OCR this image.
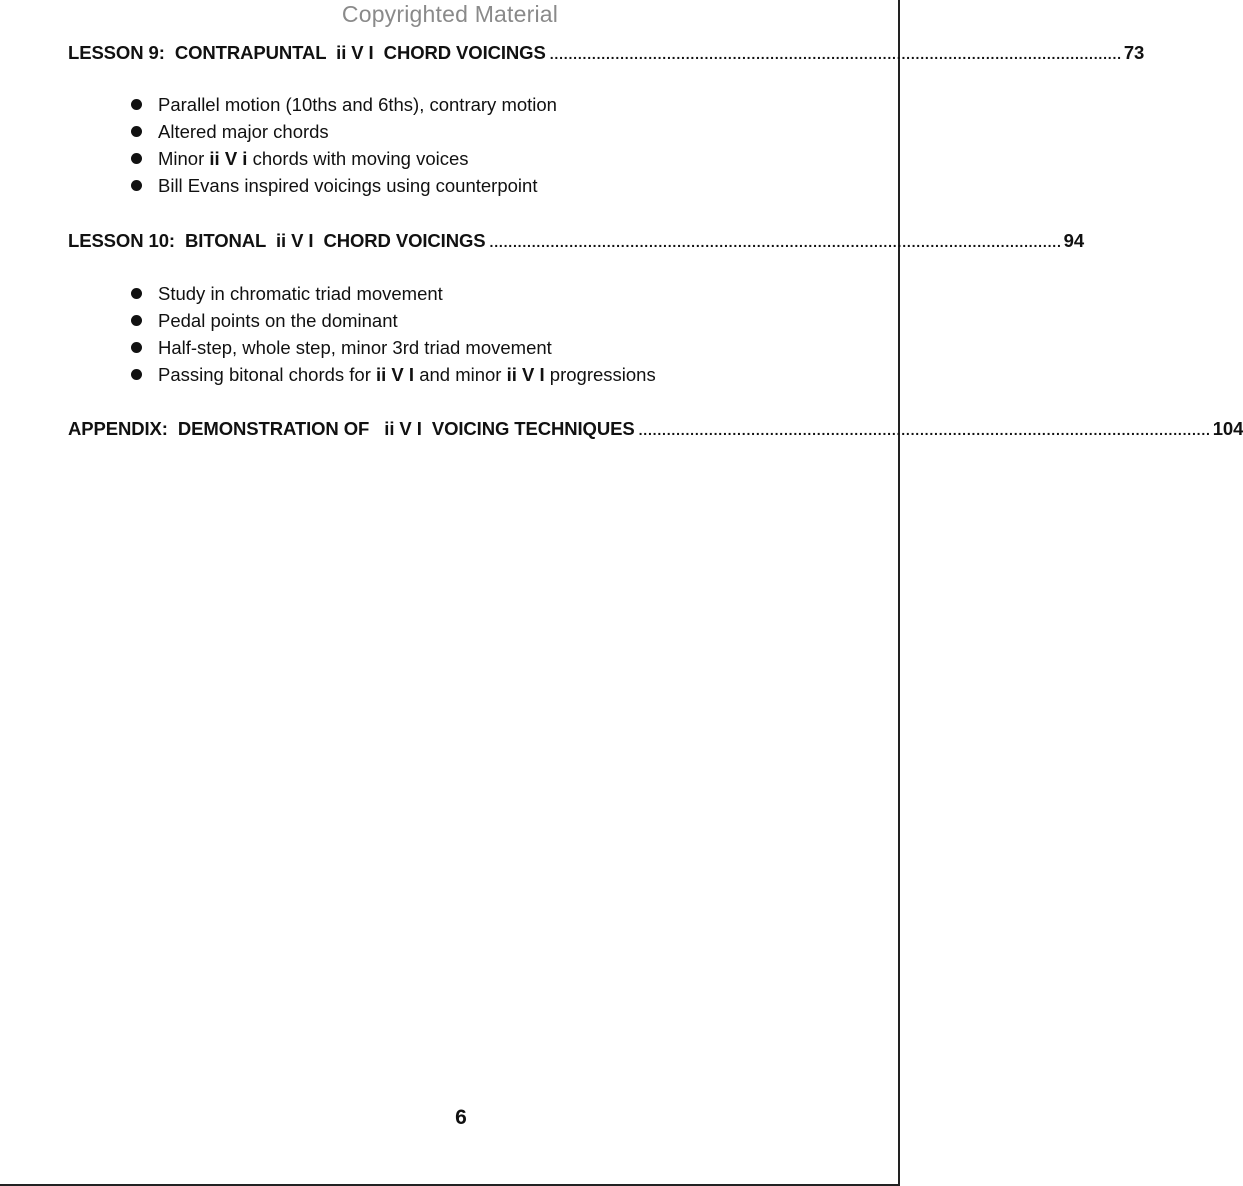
Copyrighted Material
LESSON 9:  CONTRAPUNTAL  ii V I  CHORD VOICINGS .......................................................................................................................... 73
Parallel motion (10ths and 6ths), contrary motion
Altered major chords
Minor ii V i chords with moving voices
Bill Evans inspired voicings using counterpoint
LESSON 10:  BITONAL  ii V I  CHORD VOICINGS .......................................................................................................................... 94
Study in chromatic triad movement
Pedal points on the dominant
Half-step, whole step, minor 3rd triad movement
Passing bitonal chords for ii V I and minor ii V I progressions
APPENDIX:  DEMONSTRATION OF   ii V I  VOICING TECHNIQUES .......................................................................................................................... 104
6
